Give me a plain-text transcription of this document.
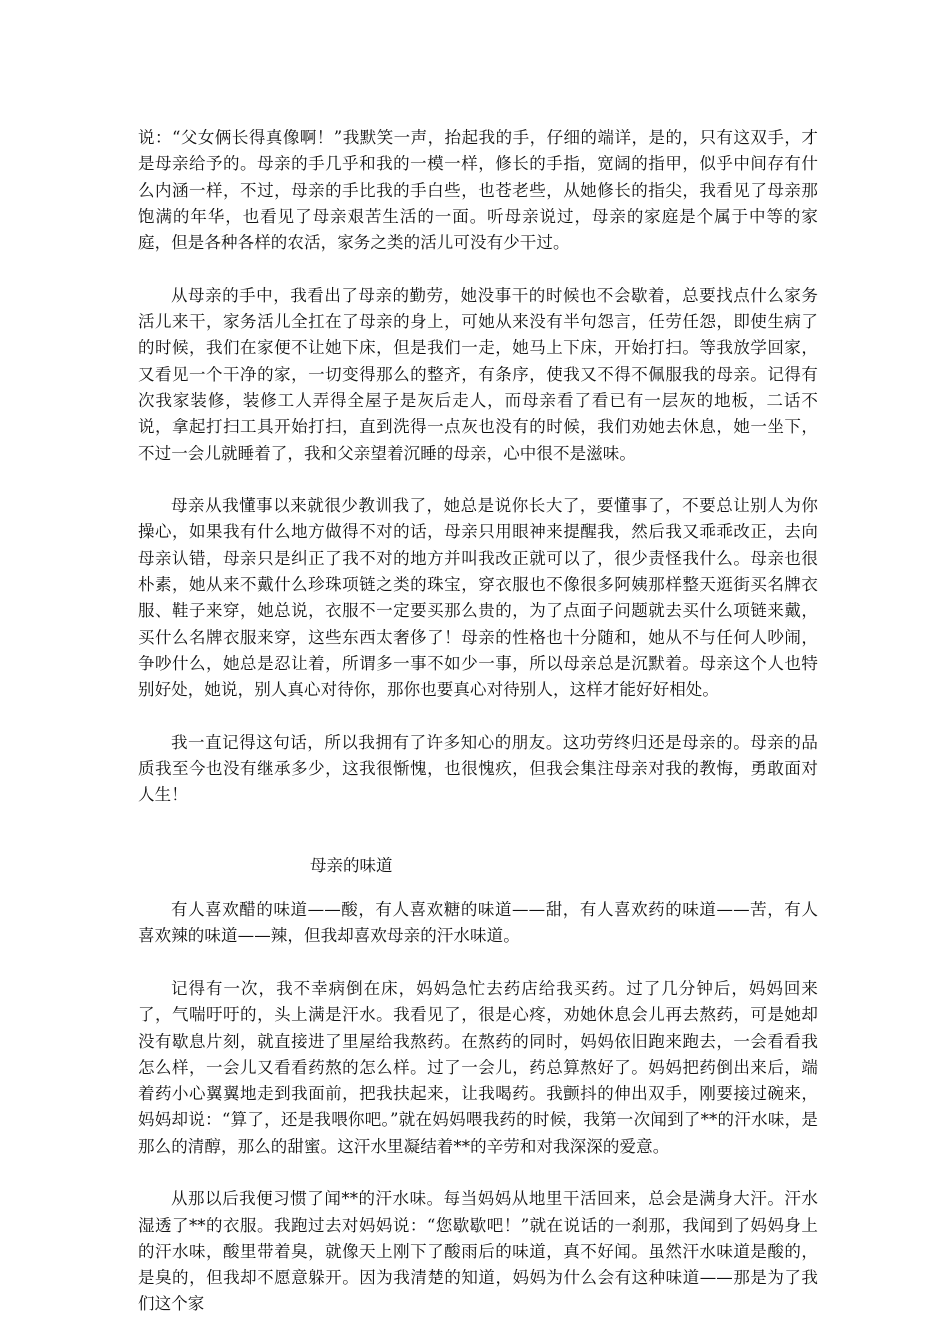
说：“父女俩长得真像啊！”我默笑一声，抬起我的手，仔细的端详，是的，只有这双手，才是母亲给予的。母亲的手几乎和我的一模一样，修长的手指，宽阔的指甲，似乎中间存有什么内涵一样，不过，母亲的手比我的手白些，也苍老些，从她修长的指尖，我看见了母亲那饱满的年华，也看见了母亲艰苦生活的一面。听母亲说过，母亲的家庭是个属于中等的家庭，但是各种各样的农活，家务之类的活儿可没有少干过。

从母亲的手中，我看出了母亲的勤劳，她没事干的时候也不会歇着，总要找点什么家务活儿来干，家务活儿全扛在了母亲的身上，可她从来没有半句怨言，任劳任怨，即使生病了的时候，我们在家便不让她下床，但是我们一走，她马上下床，开始打扫。等我放学回家，又看见一个干净的家，一切变得那么的整齐，有条序，使我又不得不佩服我的母亲。记得有次我家装修，装修工人弄得全屋子是灰后走人，而母亲看了看已有一层灰的地板，二话不说，拿起打扫工具开始打扫，直到洗得一点灰也没有的时候，我们劝她去休息，她一坐下，不过一会儿就睡着了，我和父亲望着沉睡的母亲，心中很不是滋味。

母亲从我懂事以来就很少教训我了，她总是说你长大了，要懂事了，不要总让别人为你操心，如果我有什么地方做得不对的话，母亲只用眼神来提醒我，然后我又乖乖改正，去向母亲认错，母亲只是纠正了我不对的地方并叫我改正就可以了，很少责怪我什么。母亲也很朴素，她从来不戴什么珍珠项链之类的珠宝，穿衣服也不像很多阿姨那样整天逛街买名牌衣服、鞋子来穿，她总说，衣服不一定要买那么贵的，为了点面子问题就去买什么项链来戴，买什么名牌衣服来穿，这些东西太奢侈了！母亲的性格也十分随和，她从不与任何人吵闹，争吵什么，她总是忍让着，所谓多一事不如少一事，所以母亲总是沉默着。母亲这个人也特别好处，她说，别人真心对待你，那你也要真心对待别人，这样才能好好相处。

我一直记得这句话，所以我拥有了许多知心的朋友。这功劳终归还是母亲的。母亲的品质我至今也没有继承多少，这我很惭愧，也很愧疚，但我会集注母亲对我的教悔，勇敢面对人生！

母亲的味道

有人喜欢醋的味道——酸，有人喜欢糖的味道——甜，有人喜欢药的味道——苦，有人喜欢辣的味道——辣，但我却喜欢母亲的汗水味道。

记得有一次，我不幸病倒在床，妈妈急忙去药店给我买药。过了几分钟后，妈妈回来了，气喘吁吁的，头上满是汗水。我看见了，很是心疼，劝她休息会儿再去熬药，可是她却没有歇息片刻，就直接进了里屋给我熬药。在熬药的同时，妈妈依旧跑来跑去，一会看看我怎么样，一会儿又看看药熬的怎么样。过了一会儿，药总算熬好了。妈妈把药倒出来后，端着药小心翼翼地走到我面前，把我扶起来，让我喝药。我颤抖的伸出双手，刚要接过碗来，妈妈却说：“算了，还是我喂你吧。”就在妈妈喂我药的时候，我第一次闻到了**的汗水味，是那么的清醇，那么的甜蜜。这汗水里凝结着**的辛劳和对我深深的爱意。

从那以后我便习惯了闻**的汗水味。每当妈妈从地里干活回来，总会是满身大汗。汗水湿透了**的衣服。我跑过去对妈妈说：“您歇歇吧！”就在说话的一刹那，我闻到了妈妈身上的汗水味，酸里带着臭，就像天上刚下了酸雨后的味道，真不好闻。虽然汗水味道是酸的，是臭的，但我却不愿意躲开。因为我清楚的知道，妈妈为什么会有这种味道——那是为了我们这个家
